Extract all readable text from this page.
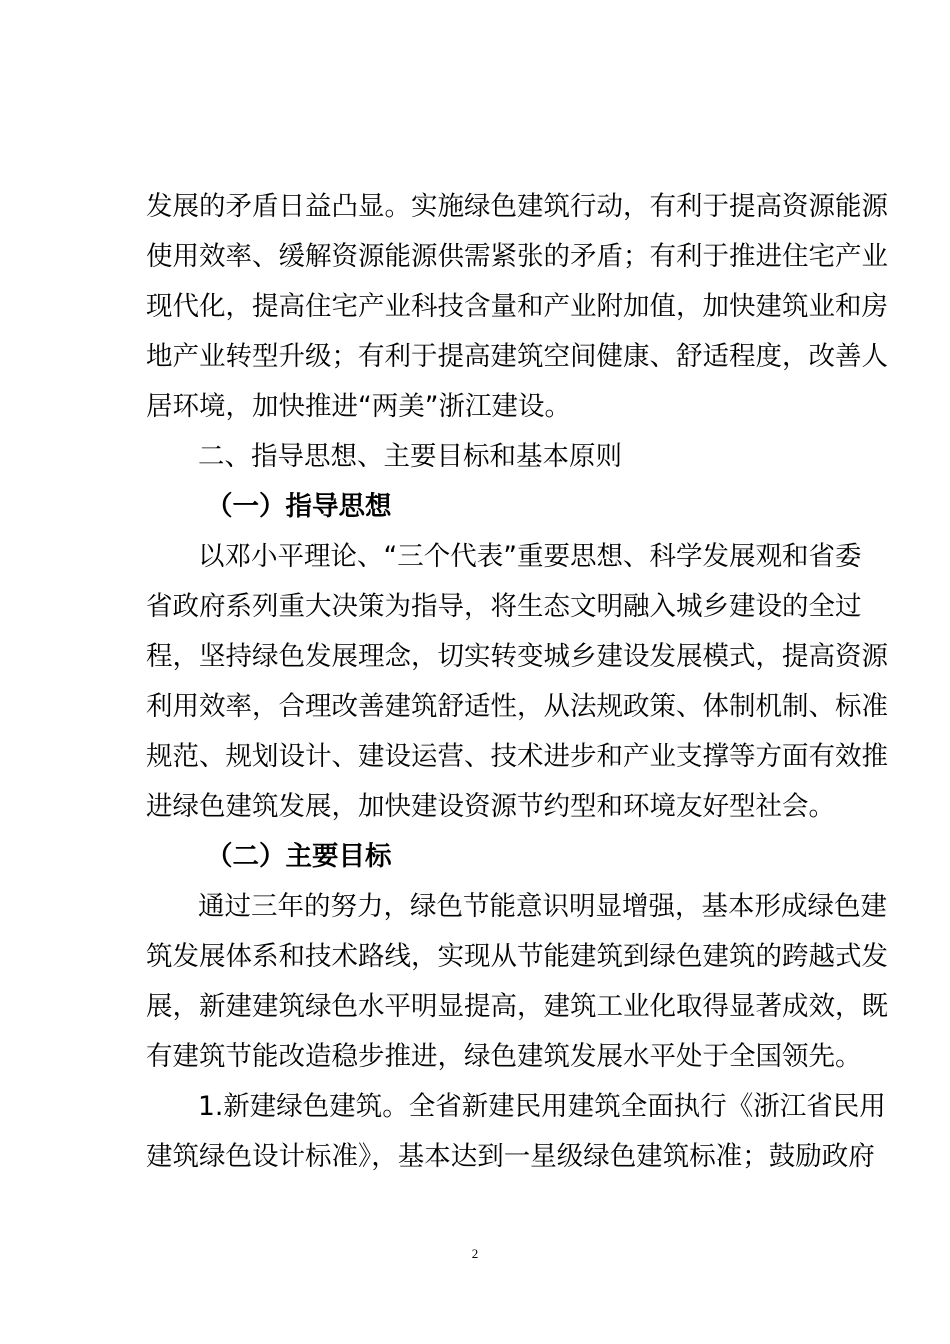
发展的矛盾日益凸显。实施绿色建筑行动，有利于提高资源能源
使用效率、缓解资源能源供需紧张的矛盾；有利于推进住宅产业
现代化，提高住宅产业科技含量和产业附加值，加快建筑业和房
地产业转型升级；有利于提高建筑空间健康、舒适程度，改善人
居环境，加快推进“两美”浙江建设。
二、指导思想、主要目标和基本原则
（一）指导思想
以邓小平理论、“三个代表”重要思想、科学发展观和省委
省政府系列重大决策为指导，将生态文明融入城乡建设的全过
程，坚持绿色发展理念，切实转变城乡建设发展模式，提高资源
利用效率，合理改善建筑舒适性，从法规政策、体制机制、标准
规范、规划设计、建设运营、技术进步和产业支撑等方面有效推
进绿色建筑发展，加快建设资源节约型和环境友好型社会。
（二）主要目标
通过三年的努力，绿色节能意识明显增强，基本形成绿色建
筑发展体系和技术路线，实现从节能建筑到绿色建筑的跨越式发
展，新建建筑绿色水平明显提高，建筑工业化取得显著成效，既
有建筑节能改造稳步推进，绿色建筑发展水平处于全国领先。
1.新建绿色建筑。全省新建民用建筑全面执行《浙江省民用
建筑绿色设计标准》，基本达到一星级绿色建筑标准；鼓励政府
2
